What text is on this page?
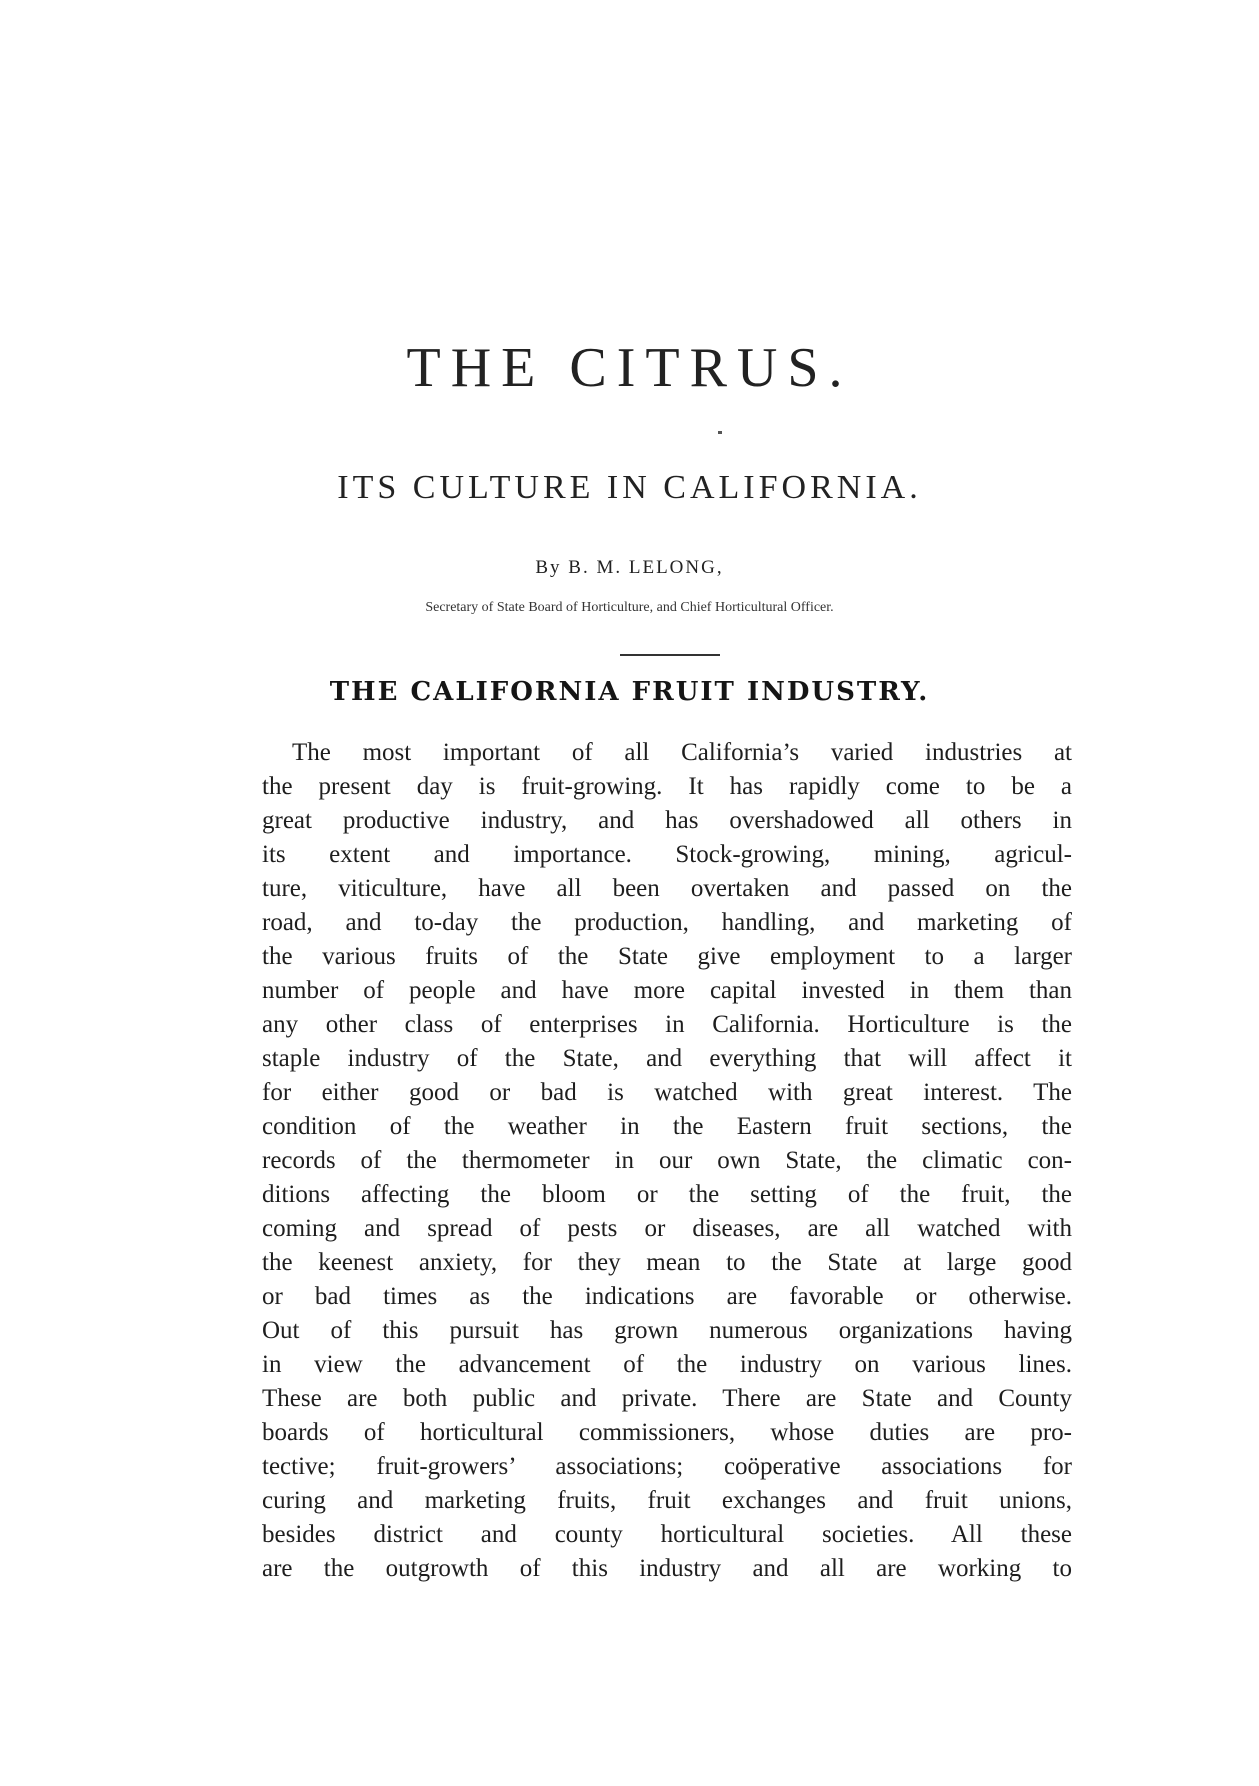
THE CITRUS.
ITS CULTURE IN CALIFORNIA.
By B. M. LELONG,
Secretary of State Board of Horticulture, and Chief Horticultural Officer.
THE CALIFORNIA FRUIT INDUSTRY.
The most important of all California’s varied industries at
the present day is fruit-growing. It has rapidly come to be a
great productive industry, and has overshadowed all others in
its extent and importance. Stock-growing, mining, agricul-
ture, viticulture, have all been overtaken and passed on the
road, and to-day the production, handling, and marketing of
the various fruits of the State give employment to a larger
number of people and have more capital invested in them than
any other class of enterprises in California. Horticulture is the
staple industry of the State, and everything that will affect it
for either good or bad is watched with great interest. The
condition of the weather in the Eastern fruit sections, the
records of the thermometer in our own State, the climatic con-
ditions affecting the bloom or the setting of the fruit, the
coming and spread of pests or diseases, are all watched with
the keenest anxiety, for they mean to the State at large good
or bad times as the indications are favorable or otherwise.
Out of this pursuit has grown numerous organizations having
in view the advancement of the industry on various lines.
These are both public and private. There are State and County
boards of horticultural commissioners, whose duties are pro-
tective; fruit-growers’ associations; coöperative associations for
curing and marketing fruits, fruit exchanges and fruit unions,
besides district and county horticultural societies. All these
are the outgrowth of this industry and all are working to
